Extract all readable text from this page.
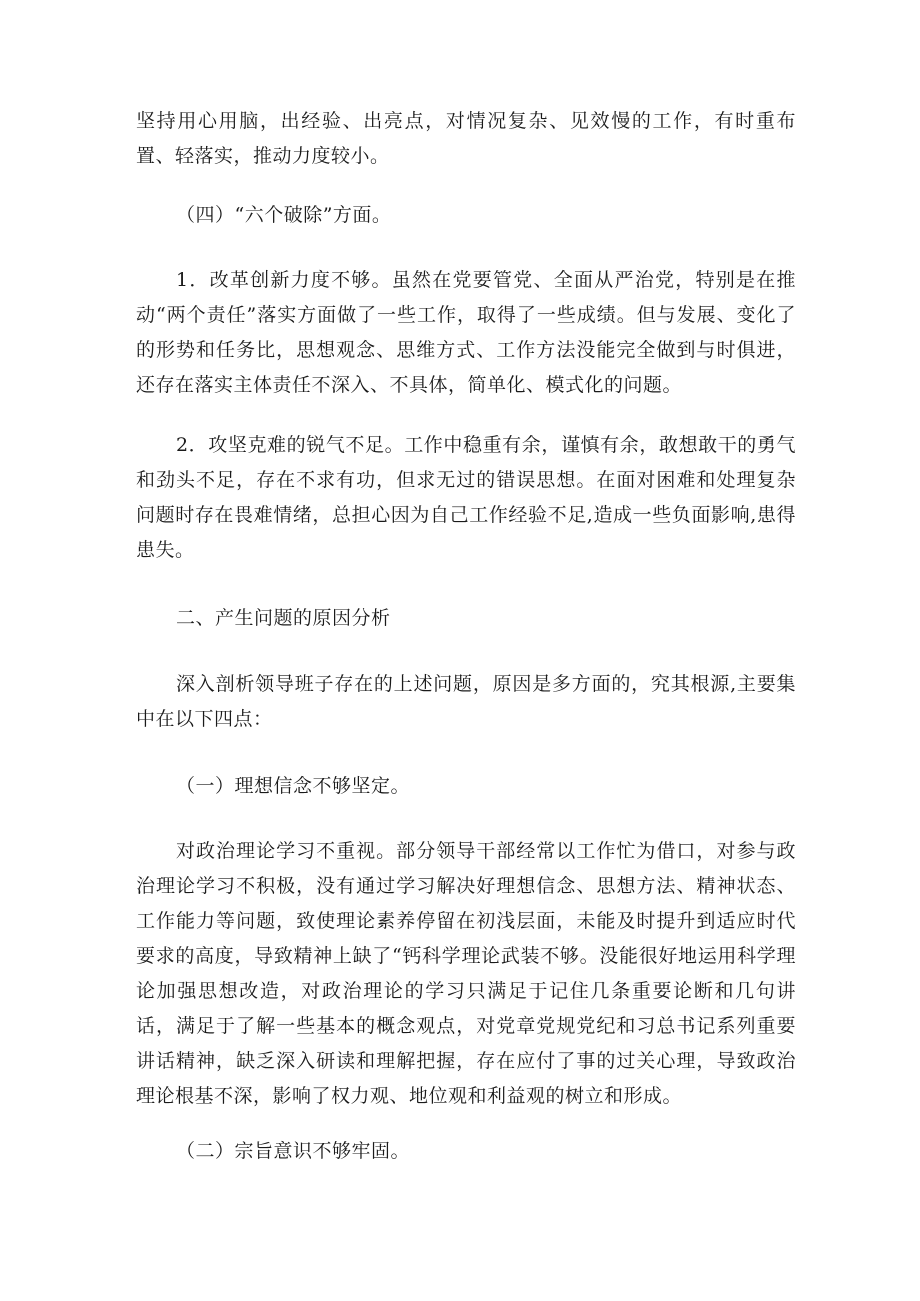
坚持用心用脑，出经验、出亮点，对情况复杂、见效慢的工作，有时重布置、轻落实，推动力度较小。

（四）“六个破除”方面。

1．改革创新力度不够。虽然在党要管党、全面从严治党，特别是在推动“两个责任”落实方面做了一些工作，取得了一些成绩。但与发展、变化了的形势和任务比，思想观念、思维方式、工作方法没能完全做到与时俱进，还存在落实主体责任不深入、不具体，简单化、模式化的问题。

2．攻坚克难的锐气不足。工作中稳重有余，谨慎有余，敢想敢干的勇气和劲头不足，存在不求有功，但求无过的错误思想。在面对困难和处理复杂问题时存在畏难情绪，总担心因为自己工作经验不足,造成一些负面影响,患得患失。

二、产生问题的原因分析

深入剖析领导班子存在的上述问题，原因是多方面的，究其根源,主要集中在以下四点：

（一）理想信念不够坚定。

对政治理论学习不重视。部分领导干部经常以工作忙为借口，对参与政治理论学习不积极，没有通过学习解决好理想信念、思想方法、精神状态、工作能力等问题，致使理论素养停留在初浅层面，未能及时提升到适应时代要求的高度，导致精神上缺了“钙科学理论武装不够。没能很好地运用科学理论加强思想改造，对政治理论的学习只满足于记住几条重要论断和几句讲话，满足于了解一些基本的概念观点，对党章党规党纪和习总书记系列重要讲话精神，缺乏深入研读和理解把握，存在应付了事的过关心理，导致政治理论根基不深，影响了权力观、地位观和利益观的树立和形成。

（二）宗旨意识不够牢固。
